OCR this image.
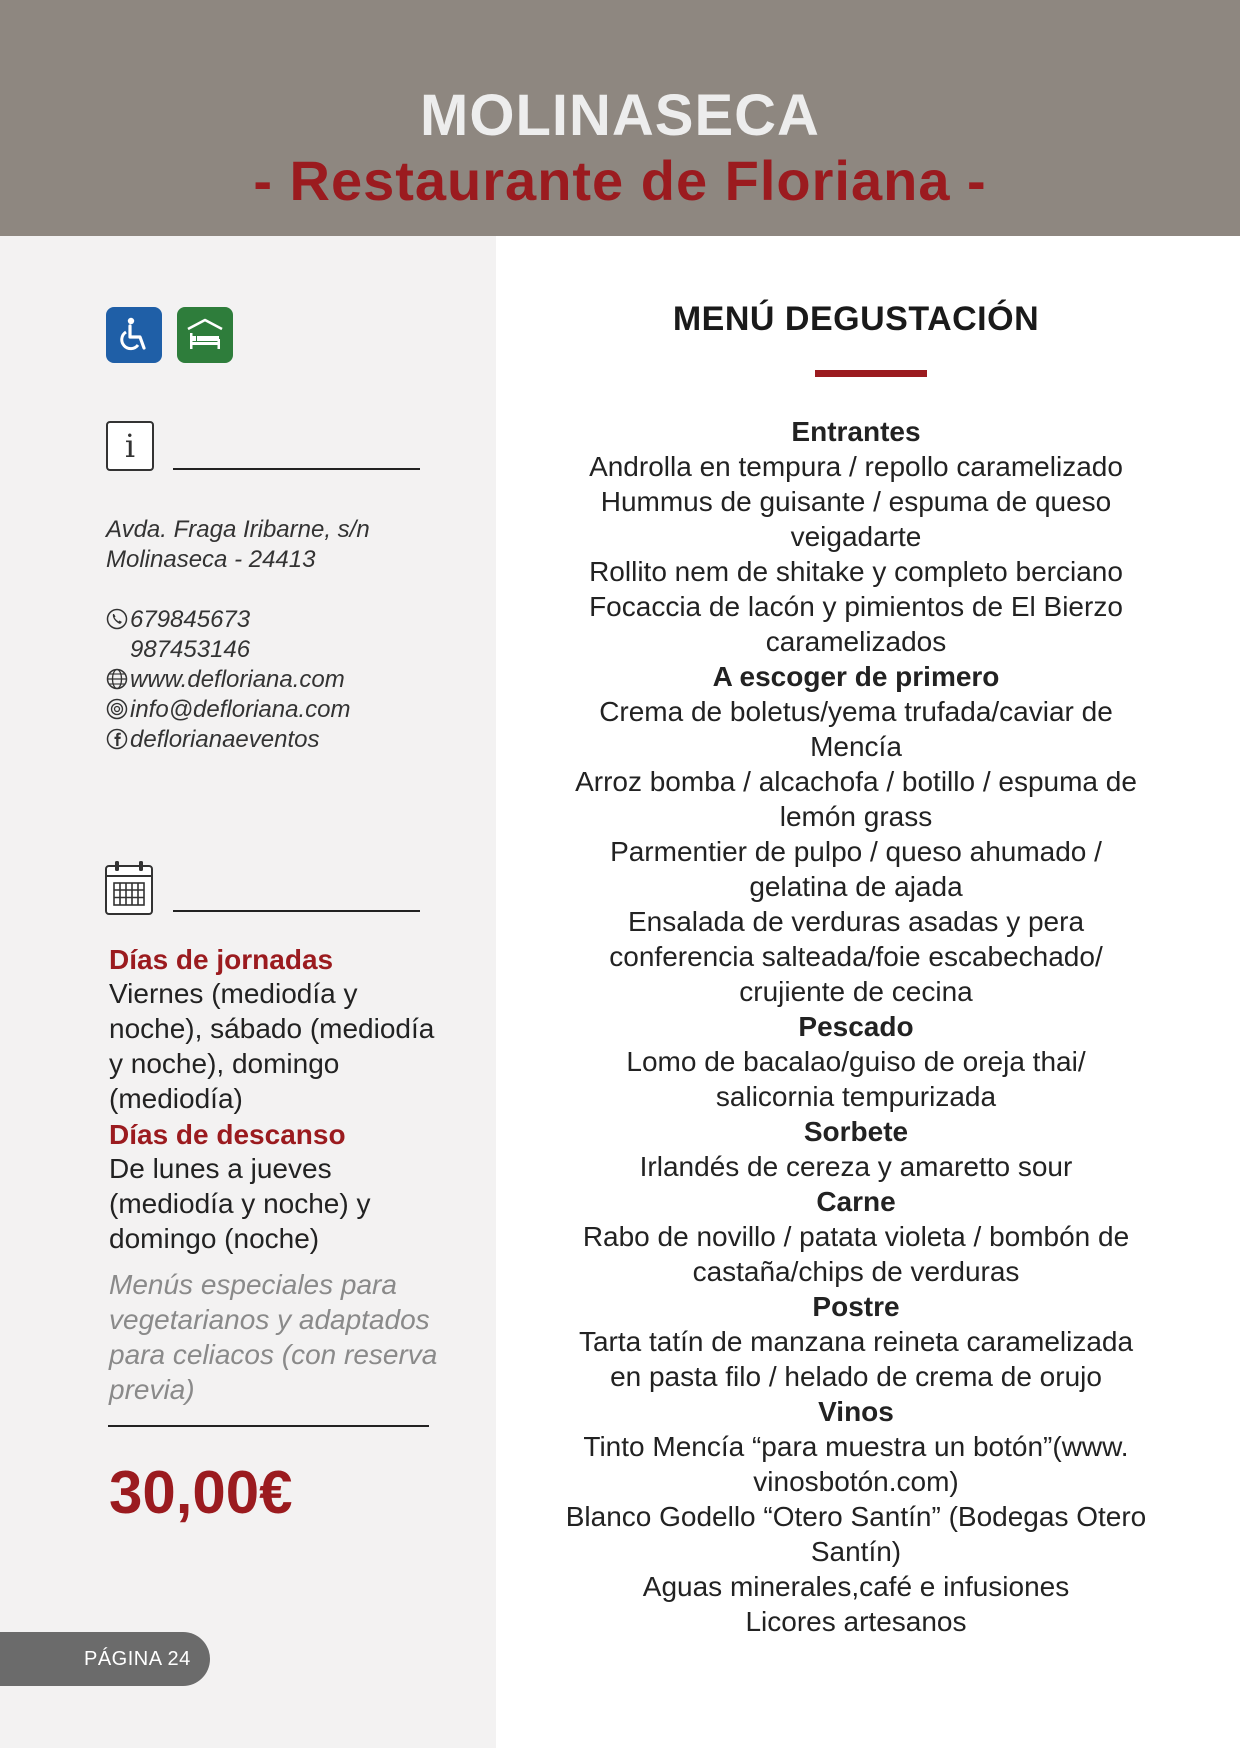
MOLINASECA
- Restaurante de Floriana -
i
Avda. Fraga Iribarne, s/n
Molinaseca - 24413
679845673
987453146
www.defloriana.com
info@defloriana.com
deflorianaeventos
Días de jornadas
Viernes (mediodía y
noche), sábado (mediodía
y noche), domingo
(mediodía)
Días de descanso
De lunes a jueves
(mediodía y noche) y
domingo (noche)
Menús especiales para
vegetarianos y adaptados
para celiacos (con reserva
previa)
30,00€
PÁGINA 24
MENÚ DEGUSTACIÓN
Entrantes
Androlla en tempura / repollo caramelizado
Hummus de guisante / espuma de queso
veigadarte
Rollito nem de shitake y completo berciano
Focaccia de lacón y pimientos de El Bierzo
caramelizados
A escoger de primero
Crema de boletus/yema trufada/caviar de
Mencía
Arroz bomba / alcachofa / botillo / espuma de
lemón grass
Parmentier de pulpo / queso ahumado /
gelatina de ajada
Ensalada de verduras asadas y pera
conferencia salteada/foie escabechado/
crujiente de cecina
Pescado
Lomo de bacalao/guiso de oreja thai/
salicornia tempurizada
Sorbete
Irlandés de cereza y amaretto sour
Carne
Rabo de novillo / patata violeta / bombón de
castaña/chips de verduras
Postre
Tarta tatín de manzana reineta caramelizada
en pasta filo / helado de crema de orujo
Vinos
Tinto Mencía “para muestra un botón”(www.
vinosbotón.com)
Blanco Godello “Otero Santín” (Bodegas Otero
Santín)
Aguas minerales,café e infusiones
Licores artesanos
